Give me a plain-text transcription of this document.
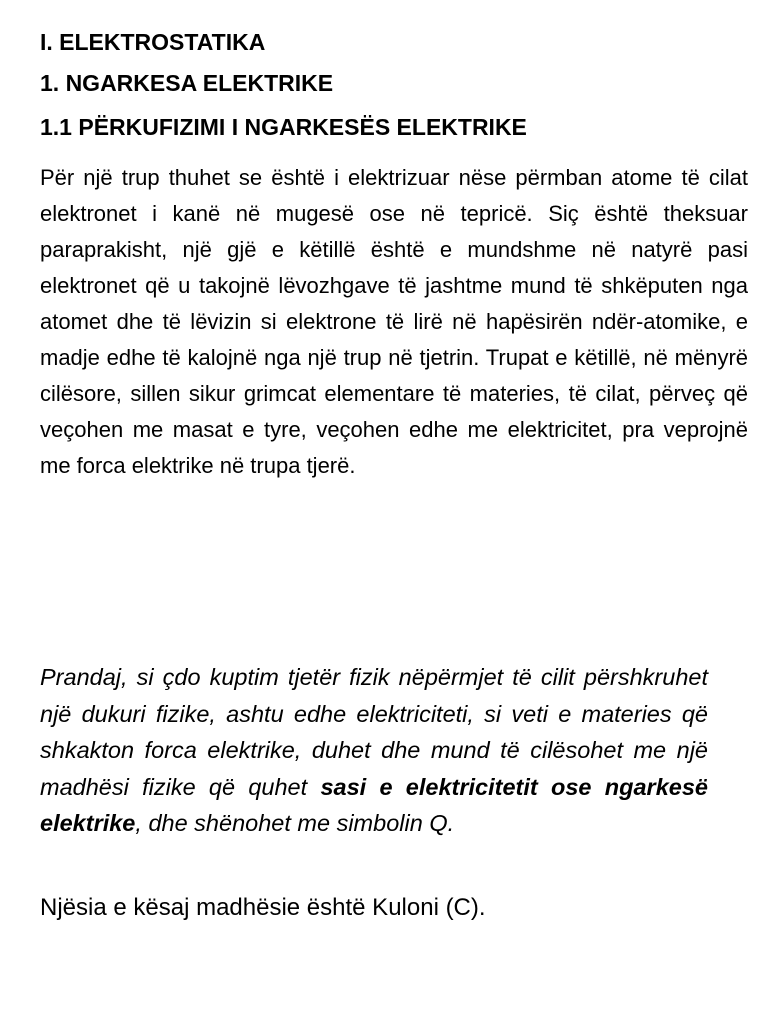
I. ELEKTROSTATIKA
1. NGARKESA ELEKTRIKE
1.1 PËRKUFIZIMI I NGARKESËS ELEKTRIKE

Për një trup thuhet se është i elektrizuar nëse përmban atome të cilat elektronet i kanë në mugesë ose në tepricë. Siç është theksuar paraprakisht, një gjë e këtillë është e mundshme në natyrë pasi elektronet që u takojnë lëvozhgave të jashtme mund të shkëputen nga atomet dhe të lëvizin si elektrone të lirë në hapësirën ndër-atomike, e madje edhe të kalojnë nga një trup në tjetrin. Trupat e këtillë, në mënyrë cilësore, sillen sikur grimcat elementare të materies, të cilat, përveç që veçohen me masat e tyre, veçohen edhe me elektricitet, pra veprojnë me forca elektrike në trupa tjerë.

Prandaj, si çdo kuptim tjetër fizik nëpërmjet të cilit përshkruhet një dukuri fizike, ashtu edhe elektriciteti, si veti e materies që shkakton forca elektrike, duhet dhe mund të cilësohet me një madhësi fizike që quhet sasi e elektricitetit ose ngarkesë elektrike, dhe shënohet me simbolin Q.

Njësia e kësaj madhësie është Kuloni (C).
